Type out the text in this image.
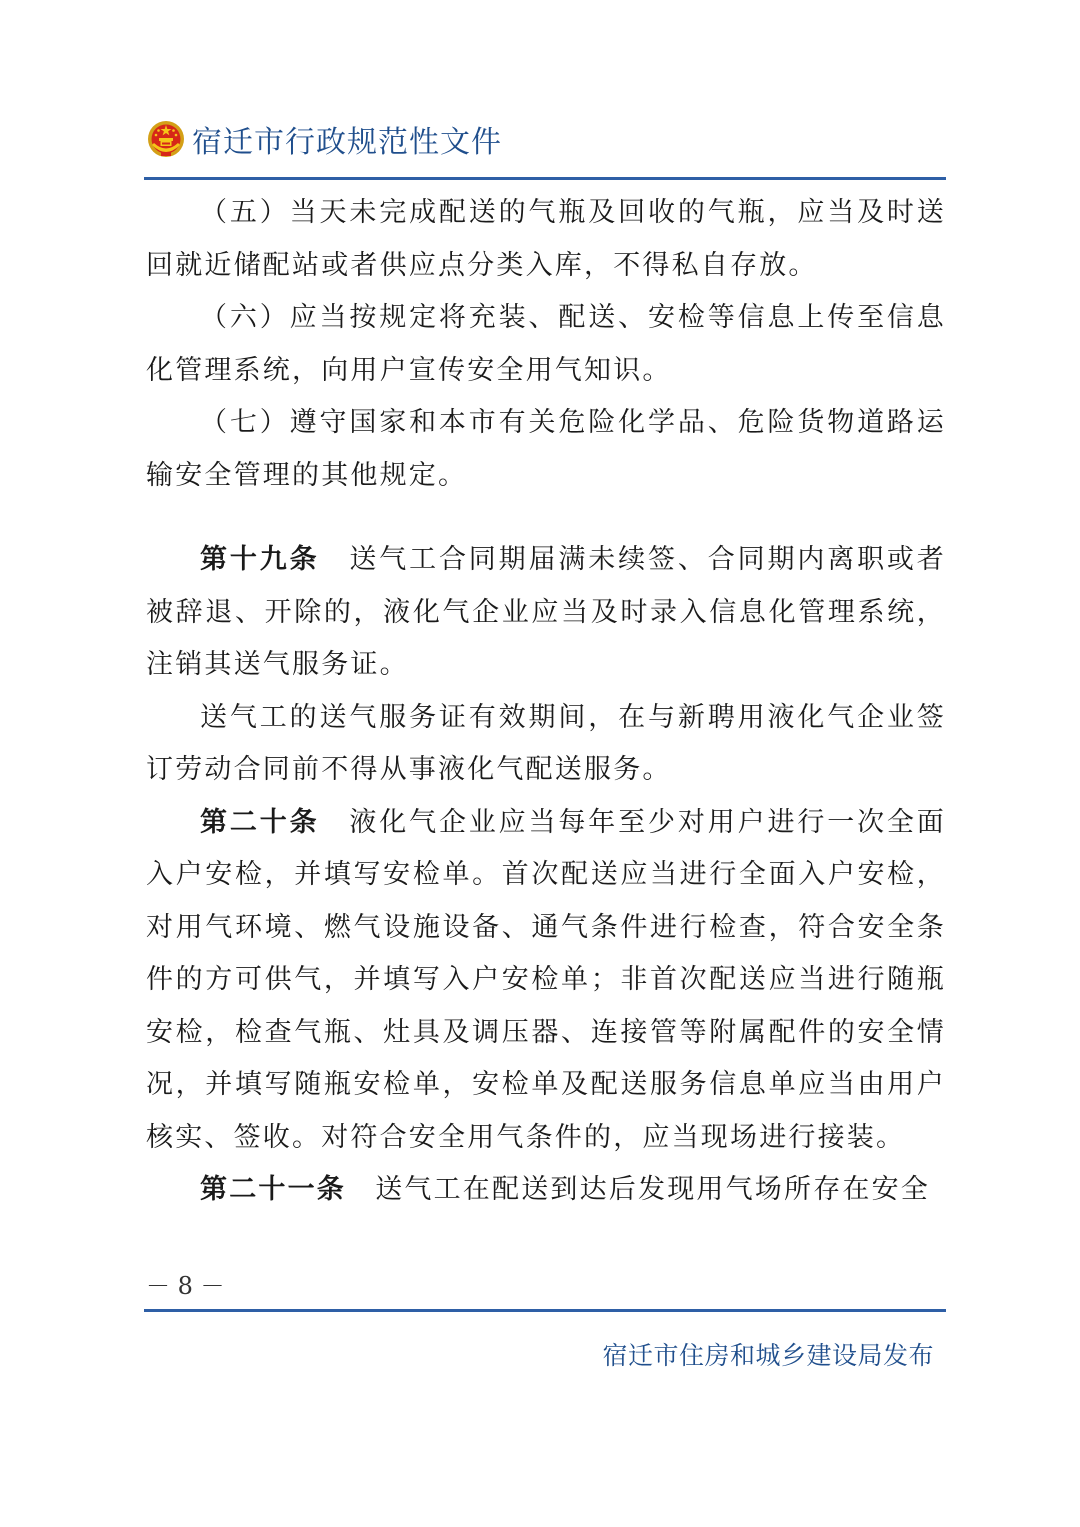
宿迁市行政规范性文件

（五）当天未完成配送的气瓶及回收的气瓶，应当及时送回就近储配站或者供应点分类入库，不得私自存放。

（六）应当按规定将充装、配送、安检等信息上传至信息化管理系统，向用户宣传安全用气知识。

（七）遵守国家和本市有关危险化学品、危险货物道路运输安全管理的其他规定。

第十九条　 送气工合同期届满未续签、合同期内离职或者被辞退、开除的，液化气企业应当及时录入信息化管理系统，注销其送气服务证。

送气工的送气服务证有效期间，在与新聘用液化气企业签订劳动合同前不得从事液化气配送服务。

第二十条　 液化气企业应当每年至少对用户进行一次全面入户安检，并填写安检单。首次配送应当进行全面入户安检，对用气环境、燃气设施设备、通气条件进行检查，符合安全条件的方可供气，并填写入户安检单；非首次配送应当进行随瓶安检，检查气瓶、灶具及调压器、连接管等附属配件的安全情况，并填写随瓶安检单，安检单及配送服务信息单应当由用户核实、签收。对符合安全用气条件的，应当现场进行接装。

第二十一条　 送气工在配送到达后发现用气场所存在安全

－ 8 －
宿迁市住房和城乡建设局发布
